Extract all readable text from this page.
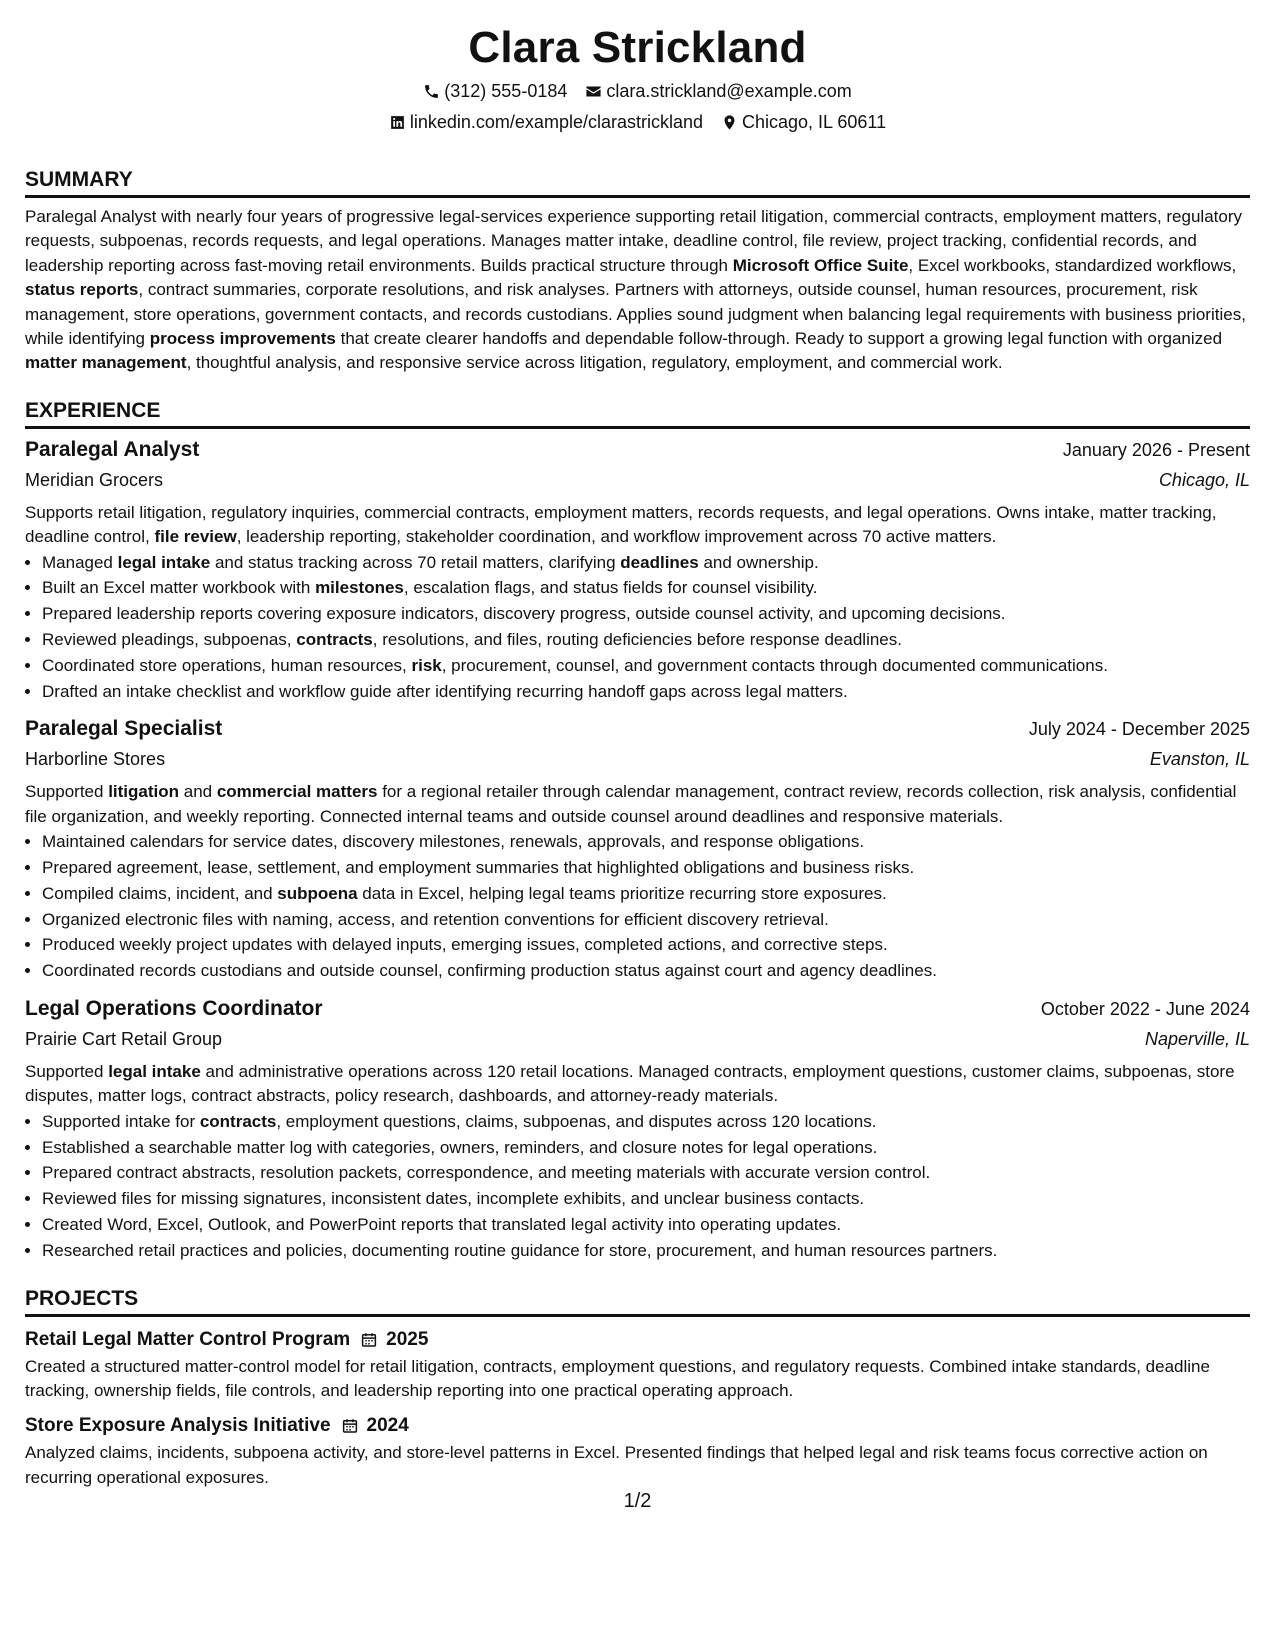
Clara Strickland
(312) 555-0184 clara.strickland@example.com
linkedin.com/example/clarastrickland Chicago, IL 60611
SUMMARY

Paralegal Analyst with nearly four years of progressive legal-services experience supporting retail litigation, commercial contracts, employment matters, regulatory requests, subpoenas, records requests, and legal operations. Manages matter intake, deadline control, file review, project tracking, confidential records, and leadership reporting across fast-moving retail environments. Builds practical structure through Microsoft Office Suite, Excel workbooks, standardized workflows, status reports, contract summaries, corporate resolutions, and risk analyses. Partners with attorneys, outside counsel, human resources, procurement, risk management, store operations, government contacts, and records custodians. Applies sound judgment when balancing legal requirements with business priorities, while identifying process improvements that create clearer handoffs and dependable follow-through. Ready to support a growing legal function with organized matter management, thoughtful analysis, and responsive service across litigation, regulatory, employment, and commercial work.

EXPERIENCE
Paralegal Analyst	January 2026 - Present
Meridian Grocers	Chicago, IL

Supports retail litigation, regulatory inquiries, commercial contracts, employment matters, records requests, and legal operations. Owns intake, matter tracking, deadline control, file review, leadership reporting, stakeholder coordination, and workflow improvement across 70 active matters.

• Managed legal intake and status tracking across 70 retail matters, clarifying deadlines and ownership.
• Built an Excel matter workbook with milestones, escalation flags, and status fields for counsel visibility.
• Prepared leadership reports covering exposure indicators, discovery progress, outside counsel activity, and upcoming decisions.
• Reviewed pleadings, subpoenas, contracts, resolutions, and files, routing deficiencies before response deadlines.
• Coordinated store operations, human resources, risk, procurement, counsel, and government contacts through documented communications.
• Drafted an intake checklist and workflow guide after identifying recurring handoff gaps across legal matters.
Paralegal Specialist	July 2024 - December 2025
Harborline Stores	Evanston, IL

Supported litigation and commercial matters for a regional retailer through calendar management, contract review, records collection, risk analysis, confidential file organization, and weekly reporting. Connected internal teams and outside counsel around deadlines and responsive materials.

• Maintained calendars for service dates, discovery milestones, renewals, approvals, and response obligations.
• Prepared agreement, lease, settlement, and employment summaries that highlighted obligations and business risks.
• Compiled claims, incident, and subpoena data in Excel, helping legal teams prioritize recurring store exposures.
• Organized electronic files with naming, access, and retention conventions for efficient discovery retrieval.
• Produced weekly project updates with delayed inputs, emerging issues, completed actions, and corrective steps.
• Coordinated records custodians and outside counsel, confirming production status against court and agency deadlines.
Legal Operations Coordinator	October 2022 - June 2024
Prairie Cart Retail Group	Naperville, IL

Supported legal intake and administrative operations across 120 retail locations. Managed contracts, employment questions, customer claims, subpoenas, store disputes, matter logs, contract abstracts, policy research, dashboards, and attorney-ready materials.

• Supported intake for contracts, employment questions, claims, subpoenas, and disputes across 120 locations.
• Established a searchable matter log with categories, owners, reminders, and closure notes for legal operations.
• Prepared contract abstracts, resolution packets, correspondence, and meeting materials with accurate version control.
• Reviewed files for missing signatures, inconsistent dates, incomplete exhibits, and unclear business contacts.
• Created Word, Excel, Outlook, and PowerPoint reports that translated legal activity into operating updates.
• Researched retail practices and policies, documenting routine guidance for store, procurement, and human resources partners.
PROJECTS
Retail Legal Matter Control Program 2025

Created a structured matter-control model for retail litigation, contracts, employment questions, and regulatory requests. Combined intake standards, deadline tracking, ownership fields, file controls, and leadership reporting into one practical operating approach.

Store Exposure Analysis Initiative 2024

Analyzed claims, incidents, subpoena activity, and store-level patterns in Excel. Presented findings that helped legal and risk teams focus corrective action on recurring operational exposures.

1/2
